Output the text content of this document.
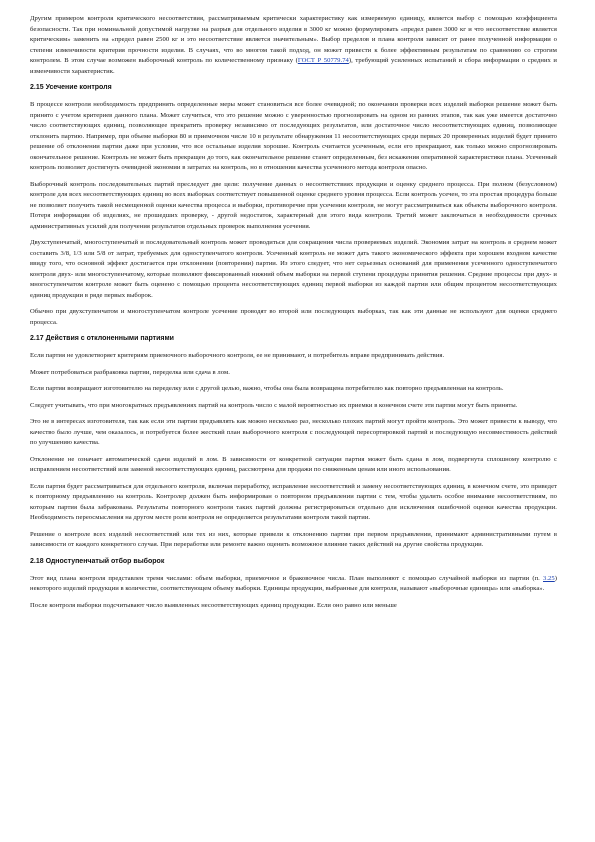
Другим примером контроля критического несоответствия, рассматриваемым критически характеристику как измеряемую единицу, является выбор с помощью коэффициента безопасности. Так при номинальной допустимой нагрузке на разрыв для отдельного изделия в 3000 кг можно формулировать «предел равен 3000 кг и что несоответствие является критическим» заменить на «предел равен 2500 кг и это несоответствие является значительным». Выбор пределов и плана контроля зависит от ранее полученной информации о степени изменчивости критерия прочности изделия. В случаях, что во многом такой подход, он может привести к более эффективным результатам по сравнению со строгим контролем. В этом случае возможен выборочный контроль по количественному признаку (ГОСТ Р 50779.74), требующий усиленных испытаний и сбора информации о средних и изменчивости характеристик.

2.15 Усечение контроля

В процессе контроля необходимость предпринять определенные меры может становиться все более очевидной; по окончании проверки всех изделий выборки решение может быть принято с учетом критериев данного плана. Может случиться, что это решение можно с уверенностью прогнозировать на одном из ранних этапов, так как уже имеется достаточно число соответствующих единиц, позволяющее прекратить проверку независимо от последующих результатов, или достаточное число несоответствующих единиц, позволяющее отклонить партию. Например, при объеме выборки 80 и приемочном числе 10 в результате обнаружения 11 несоответствующих среди первых 20 проверенных изделий будет принято решение об отклонении партии даже при условии, что все остальные изделия хорошие. Контроль считается усеченным, если его прекращают, как только можно спрогнозировать окончательное решение. Контроль не может быть прекращен до того, как окончательное решение станет определенным, без искажения оперативной характеристики плана. Усеченный контроль позволяет достигнуть очевидной экономии в затратах на контроль, но в отношении качества усеченного метода контроля опасно.

Выборочный контроль последовательных партий преследует две цели: получение данных о несоответствиях продукции и оценку среднего процесса. При полном (безусловном) контроле для всех несоответствующих единиц во всех выборках соответствует повышенной оценке среднего уровня процесса. Если контроль усечен, то эта простая процедура больше не позволяет получить такой несмещенной оценки качества процесса и выборки, противоречие при усечении контроля, не могут рассматриваться как объекты выборочного контроля. Потеря информации об изделиях, не прошедших проверку, - другой недостаток, характерный для этого вида контроля. Третий может заключаться в необходимости срочных административных усилий для получения результатов отдельных проверок выполнения усечения.

Двухступенчатый, многоступенчатый и последовательный контроль может проводиться для сокращения числа проверяемых изделий. Экономия затрат на контроль в среднем может составить 3/8, 1/3 или 5/8 от затрат, требуемых для одноступенчатого контроля. Усеченный контроль не может дать такого экономического эффекта при хорошем входном качестве ввиду того, что основной эффект достигается при отклонении (повторении) партии. Из этого следует, что нет серьезных оснований для применения усеченного одноступенчатого контроля двух- или многоступенчатому, которые позволяют фиксированный нижний объем выборки на первой ступени процедуры принятия решения. Средние процессы при двух- и многоступенчатом контроле может быть оценено с помощью процента несоответствующих единиц первой выборки из каждой партии или общим процентом несоответствующих единиц продукции в ряде первых выборок.

Обычно при двухступенчатом и многоступенчатом контроле усечение проводят во второй или последующих выборках, так как эти данные не используют для оценки среднего процесса.

2.17 Действия с отклоненными партиями

Если партия не удовлетворяет критериям приемочного выборочного контроля, ее не принимают, и потребитель вправе предпринимать действия.

Может потребоваться разбраковка партии, переделка или сдача в лом.

Если партии возвращают изготовителю на переделку или с другой целью, важно, чтобы она была возвращена потребителю как повторно предъявленная на контроль.

Следует учитывать, что при многократных предъявлениях партий на контроль число с малой вероятностью их приемки в конечном счете эти партии могут быть приняты.

Это не в интересах изготовителя, так как если эти партии предъявлять как можно несколько раз, несколько плохих партий могут пройти контроль. Это может привести к выводу, что качество было лучше, чем оказалось, и потребуется более жесткий план выборочного контроля с последующей пересортировкой партий и последующую несовместимость действий по улучшению качества.

Отклонение не означает автоматической сдачи изделий в лом. В зависимости от конкретной ситуации партия может быть сдана в лом, подвергнута сплошному контролю с исправлением несоответствий или заменой несоответствующих единиц, рассмотрена для продажи по сниженным ценам или иного использования.

Если партия будет рассматриваться для отдельного контроля, включая переработку, исправление несоответствий и замену несоответствующих единиц, в конечном счете, это приведет к повторному предъявлению на контроль. Контролер должен быть информирован о повторном предъявлении партии с тем, чтобы удалить особое внимание несоответствиям, по которым партия была забракована. Результаты повторного контроля таких партий должны регистрироваться отдельно для исключения ошибочной оценки качества продукции. Необходимость переосмысления на другом месте роли контроля не определяется результатами контроля такой партии.

Решение о контроле всех изделий несоответствий или тех из них, которые привели к отклонению партии при первом предъявлении, принимают административными путем в зависимости от каждого конкретного случая. При переработке или ремонте важно оценить возможное влияние таких действий на другие свойства продукции.

2.18 Одноступенчатый отбор выборок

Этот вид плана контроля представлен тремя числами: объем выборки, приемочное и браковочное числа. План выполняют с помощью случайной выборки из партии (п. 3.25) некоторого изделий продукции в количестве, соответствующем объему выборки. Единицы продукции, выбранные для контроля, называют «выборочные единицы» или «выборка».

После контроля выборки подсчитывают число выявленных несоответствующих единиц продукции. Если оно равно или меньше
